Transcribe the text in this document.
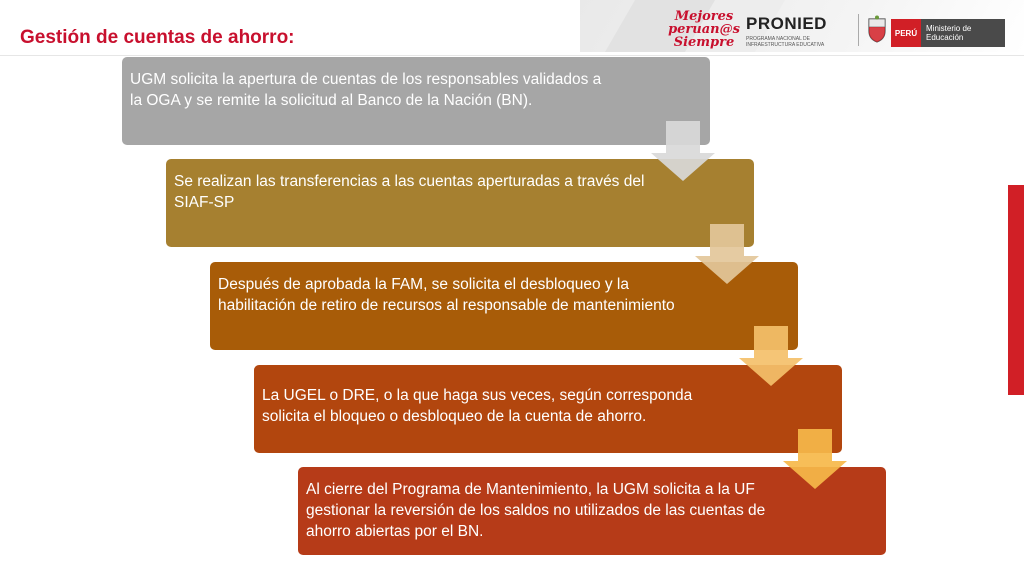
Gestión de cuentas de ahorro:
Mejores
peruan@s
Siempre
PRONIED
PROGRAMA NACIONAL DE INFRAESTRUCTURA EDUCATIVA
PERÚ	Ministerio de Educación
UGM solicita la apertura de cuentas de los responsables validados a la OGA y se remite la solicitud al Banco de la Nación (BN).
Se realizan las transferencias a las cuentas aperturadas a través del SIAF-SP
Después de aprobada la FAM, se solicita el desbloqueo y la habilitación de retiro de recursos al responsable de mantenimiento
La UGEL o DRE, o la que haga sus veces, según corresponda solicita el bloqueo o desbloqueo de la cuenta de ahorro.
Al cierre del Programa de Mantenimiento, la UGM solicita a la UF gestionar la reversión de los saldos no utilizados de las cuentas de ahorro abiertas por el BN.
